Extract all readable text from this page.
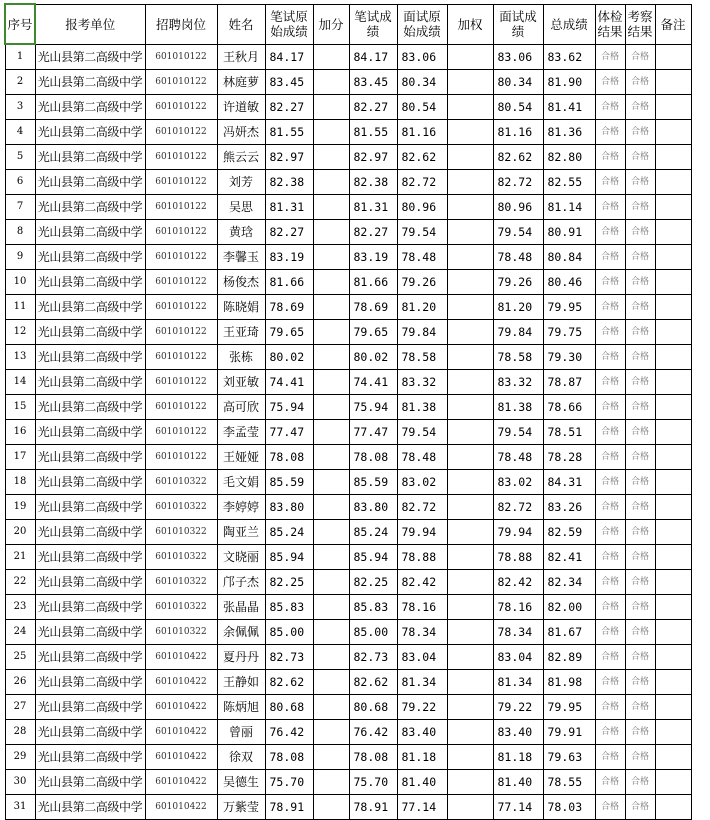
序号	报考单位	招聘岗位	姓名	笔试原始成绩	加分	笔试成绩	面试原始成绩	加权	面试成绩	总成绩	体检结果	考察结果	备注
1	光山县第二高级中学	601010122	王秋月	84.17		84.17	83.06		83.06	83.62	合格	合格	
2	光山县第二高级中学	601010122	林庭萝	83.45		83.45	80.34		80.34	81.90	合格	合格	
3	光山县第二高级中学	601010122	许道敏	82.27		82.27	80.54		80.54	81.41	合格	合格	
4	光山县第二高级中学	601010122	冯妍杰	81.55		81.55	81.16		81.16	81.36	合格	合格	
5	光山县第二高级中学	601010122	熊云云	82.97		82.97	82.62		82.62	82.80	合格	合格	
6	光山县第二高级中学	601010122	刘芳	82.38		82.38	82.72		82.72	82.55	合格	合格	
7	光山县第二高级中学	601010122	吴思	81.31		81.31	80.96		80.96	81.14	合格	合格	
8	光山县第二高级中学	601010122	黄琀	82.27		82.27	79.54		79.54	80.91	合格	合格	
9	光山县第二高级中学	601010122	李馨玉	83.19		83.19	78.48		78.48	80.84	合格	合格	
10	光山县第二高级中学	601010122	杨俊杰	81.66		81.66	79.26		79.26	80.46	合格	合格	
11	光山县第二高级中学	601010122	陈晓娟	78.69		78.69	81.20		81.20	79.95	合格	合格	
12	光山县第二高级中学	601010122	王亚琦	79.65		79.65	79.84		79.84	79.75	合格	合格	
13	光山县第二高级中学	601010122	张栋	80.02		80.02	78.58		78.58	79.30	合格	合格	
14	光山县第二高级中学	601010122	刘亚敏	74.41		74.41	83.32		83.32	78.87	合格	合格	
15	光山县第二高级中学	601010122	高可欣	75.94		75.94	81.38		81.38	78.66	合格	合格	
16	光山县第二高级中学	601010122	李孟莹	77.47		77.47	79.54		79.54	78.51	合格	合格	
17	光山县第二高级中学	601010122	王娅娅	78.08		78.08	78.48		78.48	78.28	合格	合格	
18	光山县第二高级中学	601010322	毛文娟	85.59		85.59	83.02		83.02	84.31	合格	合格	
19	光山县第二高级中学	601010322	李婷婷	83.80		83.80	82.72		82.72	83.26	合格	合格	
20	光山县第二高级中学	601010322	陶亚兰	85.24		85.24	79.94		79.94	82.59	合格	合格	
21	光山县第二高级中学	601010322	文晓丽	85.94		85.94	78.88		78.88	82.41	合格	合格	
22	光山县第二高级中学	601010322	邝子杰	82.25		82.25	82.42		82.42	82.34	合格	合格	
23	光山县第二高级中学	601010322	张晶晶	85.83		85.83	78.16		78.16	82.00	合格	合格	
24	光山县第二高级中学	601010322	余佩佩	85.00		85.00	78.34		78.34	81.67	合格	合格	
25	光山县第二高级中学	601010422	夏丹丹	82.73		82.73	83.04		83.04	82.89	合格	合格	
26	光山县第二高级中学	601010422	王静如	82.62		82.62	81.34		81.34	81.98	合格	合格	
27	光山县第二高级中学	601010422	陈炳旭	80.68		80.68	79.22		79.22	79.95	合格	合格	
28	光山县第二高级中学	601010422	曾丽	76.42		76.42	83.40		83.40	79.91	合格	合格	
29	光山县第二高级中学	601010422	徐双	78.08		78.08	81.18		81.18	79.63	合格	合格	
30	光山县第二高级中学	601010422	吴德生	75.70		75.70	81.40		81.40	78.55	合格	合格	
31	光山县第二高级中学	601010422	万紫莹	78.91		78.91	77.14		77.14	78.03	合格	合格	
